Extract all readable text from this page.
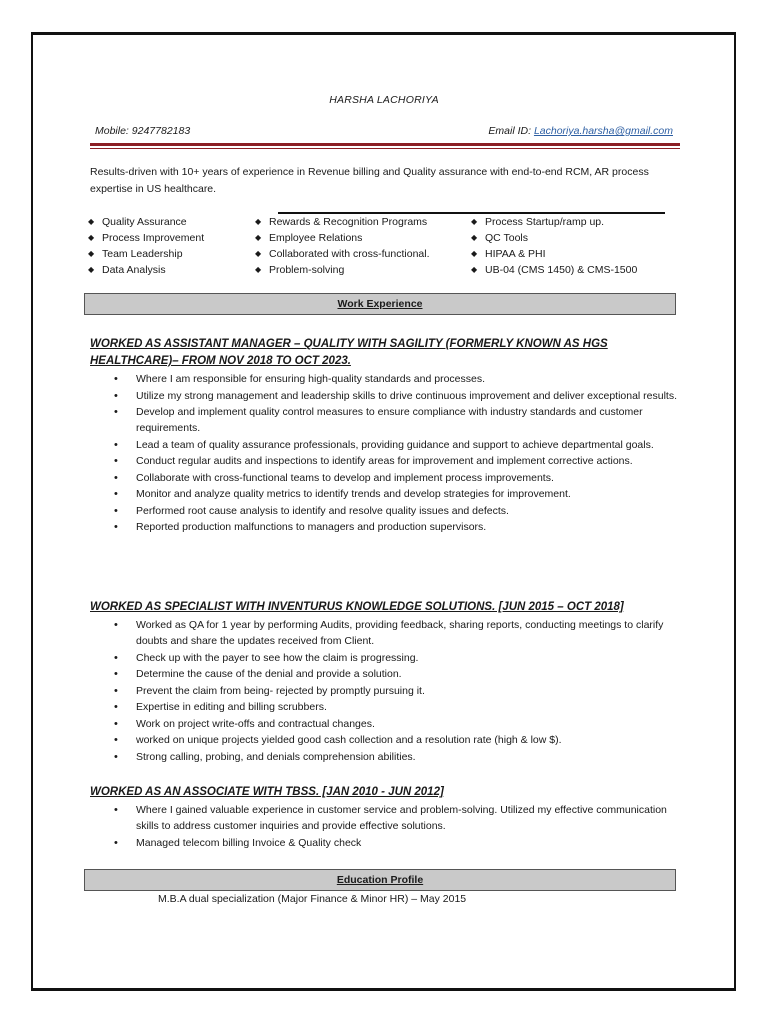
HARSHA LACHORIYA
Mobile: 9247782183	Email ID: Lachoriya.harsha@gmail.com
Results-driven with 10+ years of experience in Revenue billing and Quality assurance with end-to-end RCM, AR process expertise in US healthcare.
◆ Quality Assurance
◆ Process Improvement
◆ Team Leadership
◆ Data Analysis
◆ Rewards & Recognition Programs
◆ Employee Relations
◆ Collaborated with cross-functional.
◆ Problem-solving
◆ Process Startup/ramp up.
◆ QC Tools
◆ HIPAA & PHI
◆ UB-04 (CMS 1450) & CMS-1500
Work Experience
WORKED AS ASSISTANT MANAGER – QUALITY WITH SAGILITY (FORMERLY KNOWN AS HGS HEALTHCARE)– FROM NOV 2018 TO OCT 2023.
• Where I am responsible for ensuring high-quality standards and processes.
• Utilize my strong management and leadership skills to drive continuous improvement and deliver exceptional results.
• Develop and implement quality control measures to ensure compliance with industry standards and customer requirements.
• Lead a team of quality assurance professionals, providing guidance and support to achieve departmental goals.
• Conduct regular audits and inspections to identify areas for improvement and implement corrective actions.
• Collaborate with cross-functional teams to develop and implement process improvements.
• Monitor and analyze quality metrics to identify trends and develop strategies for improvement.
• Performed root cause analysis to identify and resolve quality issues and defects.
• Reported production malfunctions to managers and production supervisors.
WORKED AS SPECIALIST WITH INVENTURUS KNOWLEDGE SOLUTIONS. [JUN 2015 – OCT 2018]
• Worked as QA for 1 year by performing Audits, providing feedback, sharing reports, conducting meetings to clarify doubts and share the updates received from Client.
• Check up with the payer to see how the claim is progressing.
• Determine the cause of the denial and provide a solution.
• Prevent the claim from being- rejected by promptly pursuing it.
• Expertise in editing and billing scrubbers.
• Work on project write-offs and contractual changes.
• worked on unique projects yielded good cash collection and a resolution rate (high & low $).
• Strong calling, probing, and denials comprehension abilities.
WORKED AS AN ASSOCIATE WITH TBSS. [JAN 2010 - JUN 2012]
• Where I gained valuable experience in customer service and problem-solving. Utilized my effective communication skills to address customer inquiries and provide effective solutions.
• Managed telecom billing Invoice & Quality check
Education Profile
M.B.A dual specialization (Major Finance & Minor HR) – May 2015
